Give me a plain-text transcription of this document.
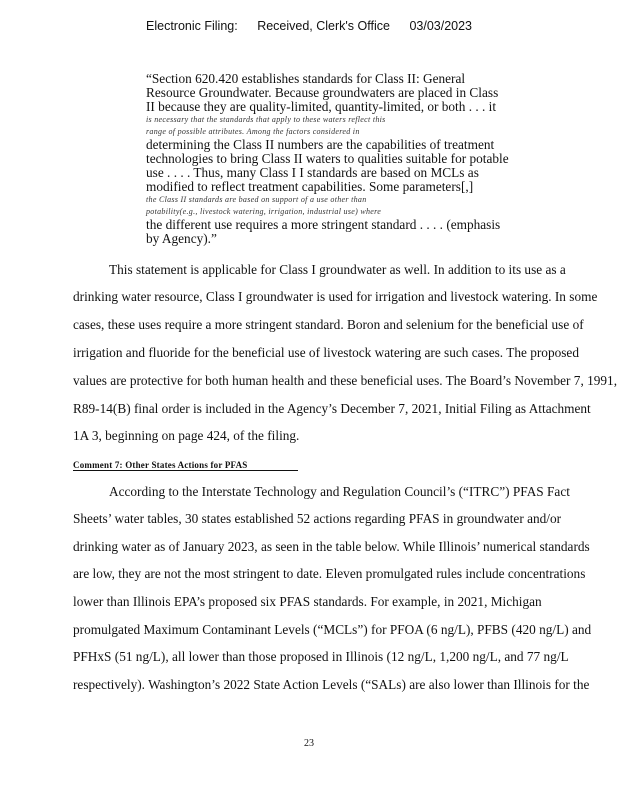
Electronic Filing: Received, Clerk's Office 03/03/2023

“Section 620.420 establishes standards for Class II: General

Resource Groundwater. Because groundwaters are placed in Class

II because they are quality-limited, quantity-limited, or both . . . it

is necessary that the standards that apply to these waters reflect this

range of possible attributes. Among the factors considered in

determining the Class II numbers are the capabilities of treatment

technologies to bring Class II waters to qualities suitable for potable

use . . . . Thus, many Class I I standards are based on MCLs as

modified to reflect treatment capabilities. Some parameters[,]

the Class II standards are based on support of a use other than

potability(e.g., livestock watering, irrigation, industrial use) where

the different use requires a more stringent standard . . . . (emphasis

by Agency).”

This statement is applicable for Class I groundwater as well. In addition to its use as a
drinking water resource, Class I groundwater is used for irrigation and livestock watering. In some
cases, these uses require a more stringent standard. Boron and selenium for the beneficial use of
irrigation and fluoride for the beneficial use of livestock watering are such cases. The proposed
values are protective for both human health and these beneficial uses. The Board’s November 7, 1991,
R89-14(B) final order is included in the Agency’s December 7, 2021, Initial Filing as Attachment
1A 3, beginning on page 424, of the filing.
Comment 7: Other States Actions for PFAS
According to the Interstate Technology and Regulation Council’s (“ITRC”) PFAS Fact
Sheets’ water tables, 30 states established 52 actions regarding PFAS in groundwater and/or
drinking water as of January 2023, as seen in the table below. While Illinois’ numerical standards
are low, they are not the most stringent to date. Eleven promulgated rules include concentrations
lower than Illinois EPA’s proposed six PFAS standards. For example, in 2021, Michigan
promulgated Maximum Contaminant Levels (“MCLs”) for PFOA (6 ng/L), PFBS (420 ng/L) and
PFHxS (51 ng/L), all lower than those proposed in Illinois (12 ng/L, 1,200 ng/L, and 77 ng/L
respectively). Washington’s 2022 State Action Levels (“SALs) are also lower than Illinois for the
23
